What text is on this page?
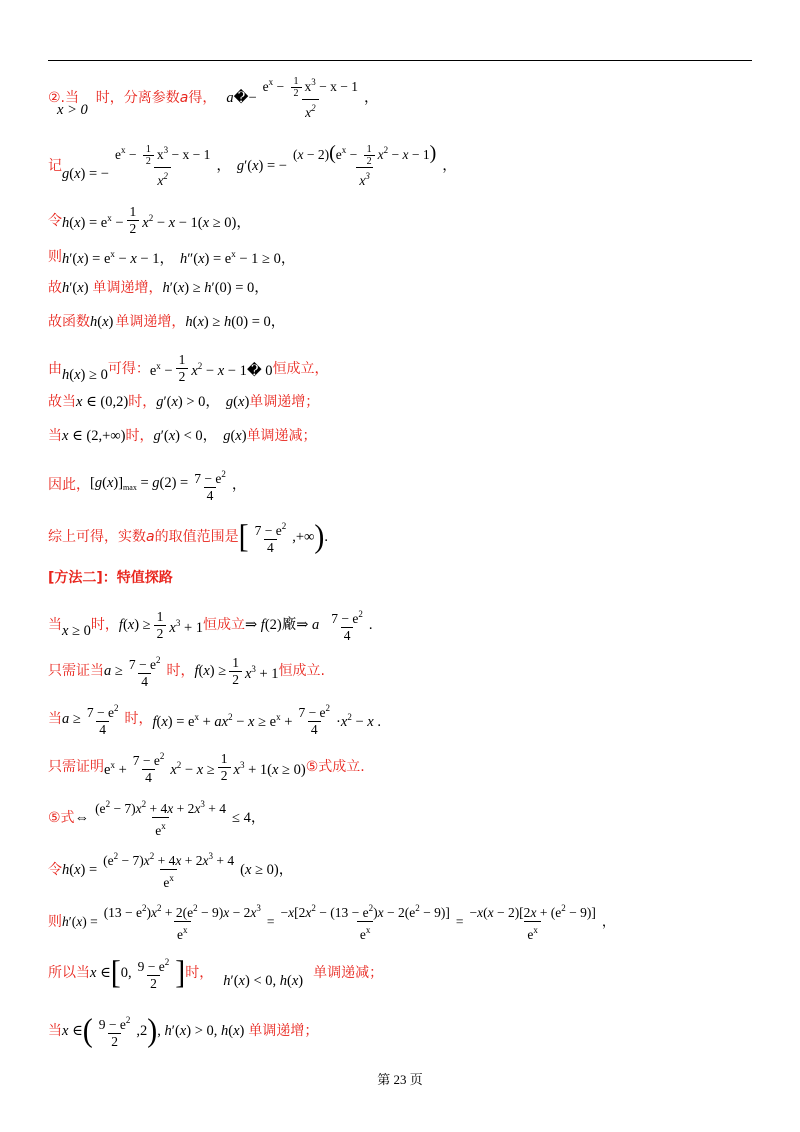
②.当
x > 0
时，分离参数 a 得， a � − $\frac{e^x - \frac{1}{2} x^3 - x - 1}{x^2}$ ，
记 g (x) = − $\frac{e^x - \frac{1}{2} x^3 - x - 1}{x^2}$ ， g ′(x) = − $\frac{(x - 2)(e^x - \frac{1}{2} x^2 - x - 1)}{x^3}$ ，
令 $h(x) = e^x - \frac{1}{2} x^2 - x - 1(x \ge 0)$，
则 $h'(x) = e^x - x - 1$， $h''(x) = e^x - 1 \ge 0$，
故 h′(x) 单调递增， h′(x) ≥ h′(0) = 0，
故函数 h(x) 单调递增， h(x) ≥ h(0) = 0，
由 h(x) ≥ 0 可得： $e^x - \frac{1}{2} x^2 - x$ − 1� 0 恒成立，
故当 x ∈ (0,2) 时， g′(x) > 0， g(x) 单调递增；
当 x ∈ (2,+∞) 时， g′(x) < 0， g(x) 单调递减；
因此， $[g(x)]_{max} = g(2) = \frac{7 - e^2}{4}$ ，
综上可得，实数 a 的取值范围是 [ $\frac{7 - e^2}{4}$ ,+∞ ) .
[方法二]：特值探路
当 x ≥ 0 时， $f(x) \ge \frac{1}{2} x^3 + 1$ 恒成立 ⇒ f(2)廠⇒ a $\frac{7 - e^2}{4}$ .
只需证当 $a \ge \frac{7 - e^2}{4}$ 时， $f(x) \ge \frac{1}{2} x^3 + 1$ 恒成立.
当 $a \ge \frac{7 - e^2}{4}$ 时， $f(x) = e^x + ax^2 - x \ge e^x + \frac{7 - e^2}{4} \cdot x^2 - x$ .
只需证明 $e^x + \frac{7 - e^2}{4} x^2 - x \ge \frac{1}{2} x^3 + 1(x \ge 0)$ ⑤式成立.
⑤式 ⇔ $\frac{(e^2 - 7)x^2 + 4x + 2x^3 + 4}{e^x} \le 4$，
令 $h(x) = \frac{(e^2 - 7)x^2 + 4x + 2x^3 + 4}{e^x} (x \ge 0)$，
则 $h'(x) = \frac{(13 - e^2)x^2 + 2(e^2 - 9)x - 2x^3}{e^x} = \frac{-x[2x^2 - (13 - e^2)x - 2(e^2 - 9)]}{e^x} = \frac{-x(x - 2)[2x + (e^2 - 9)]}{e^x}$ ，
所以当 x ∈ [ 0, $\frac{9 - e^2}{2}$ ] 时， h′(x) < 0, h(x) 单调递减；
当 x ∈ ( $\frac{9 - e^2}{2} ,2$ ) , h′(x) > 0, h(x) 单调递增；
第 23 页
